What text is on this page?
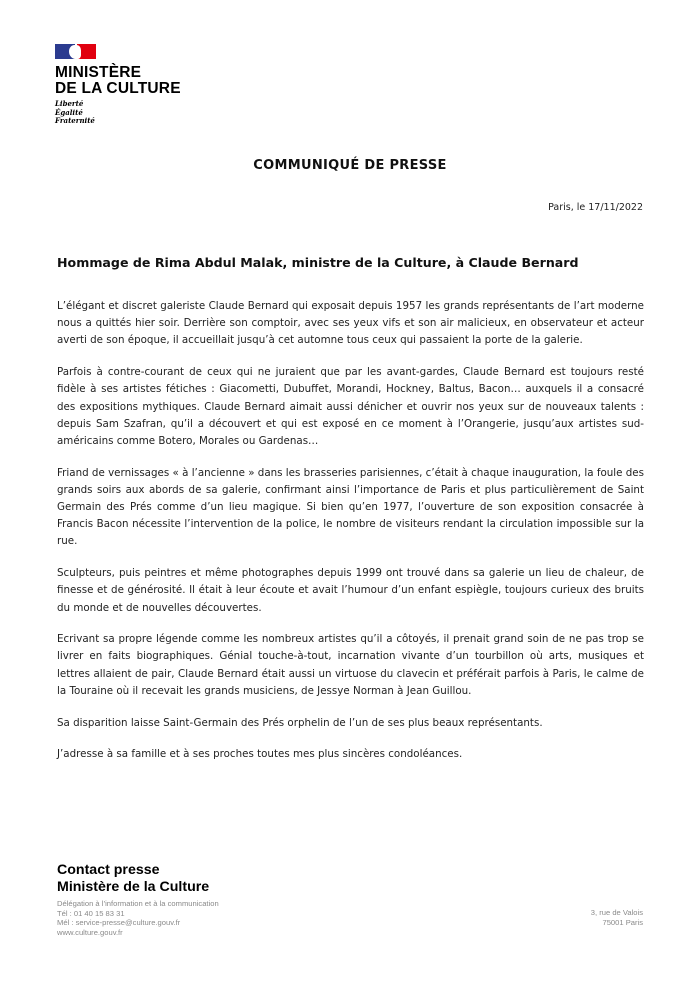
MINISTÈRE
DE LA CULTURE
Liberté
Égalité
Fraternité
COMMUNIQUÉ DE PRESSE
Paris, le 17/11/2022
Hommage de Rima Abdul Malak, ministre de la Culture, à Claude Bernard

L’élégant et discret galeriste Claude Bernard qui exposait depuis 1957 les grands représentants de l’art moderne nous a quittés hier soir. Derrière son comptoir, avec ses yeux vifs et son air malicieux, en observateur et acteur averti de son époque, il accueillait jusqu’à cet automne tous ceux qui passaient la porte de la galerie.

Parfois à contre-courant de ceux qui ne juraient que par les avant-gardes, Claude Bernard est toujours resté fidèle à ses artistes fétiches : Giacometti, Dubuffet, Morandi, Hockney, Baltus, Bacon… auxquels il a consacré des expositions mythiques. Claude Bernard aimait aussi dénicher et ouvrir nos yeux sur de nouveaux talents : depuis Sam Szafran, qu’il a découvert et qui est exposé en ce moment à l’Orangerie, jusqu’aux artistes sud-américains comme Botero, Morales ou Gardenas…

Friand de vernissages « à l’ancienne » dans les brasseries parisiennes, c’était à chaque inauguration, la foule des grands soirs aux abords de sa galerie, confirmant ainsi l’importance de Paris et plus particulièrement de Saint Germain des Prés comme d’un lieu magique. Si bien qu’en 1977, l’ouverture de son exposition consacrée à Francis Bacon nécessite l’intervention de la police, le nombre de visiteurs rendant la circulation impossible sur la rue.

Sculpteurs, puis peintres et même photographes depuis 1999 ont trouvé dans sa galerie un lieu de chaleur, de finesse et de générosité. Il était à leur écoute et avait l’humour d’un enfant espiègle, toujours curieux des bruits du monde et de nouvelles découvertes.

Ecrivant sa propre légende comme les nombreux artistes qu’il a côtoyés, il prenait grand soin de ne pas trop se livrer en faits biographiques. Génial touche-à-tout, incarnation vivante d’un tourbillon où arts, musiques et lettres allaient de pair, Claude Bernard était aussi un virtuose du clavecin et préférait parfois à Paris, le calme de la Touraine où il recevait les grands musiciens, de Jessye Norman à Jean Guillou.

Sa disparition laisse Saint-Germain des Prés orphelin de l’un de ses plus beaux représentants.

J’adresse à sa famille et à ses proches toutes mes plus sincères condoléances.

Contact presse
Ministère de la Culture
Délégation à l’information et à la communication
Tél : 01 40 15 83 31
Mél : service-presse@culture.gouv.fr
www.culture.gouv.fr
3, rue de Valois
75001 Paris
